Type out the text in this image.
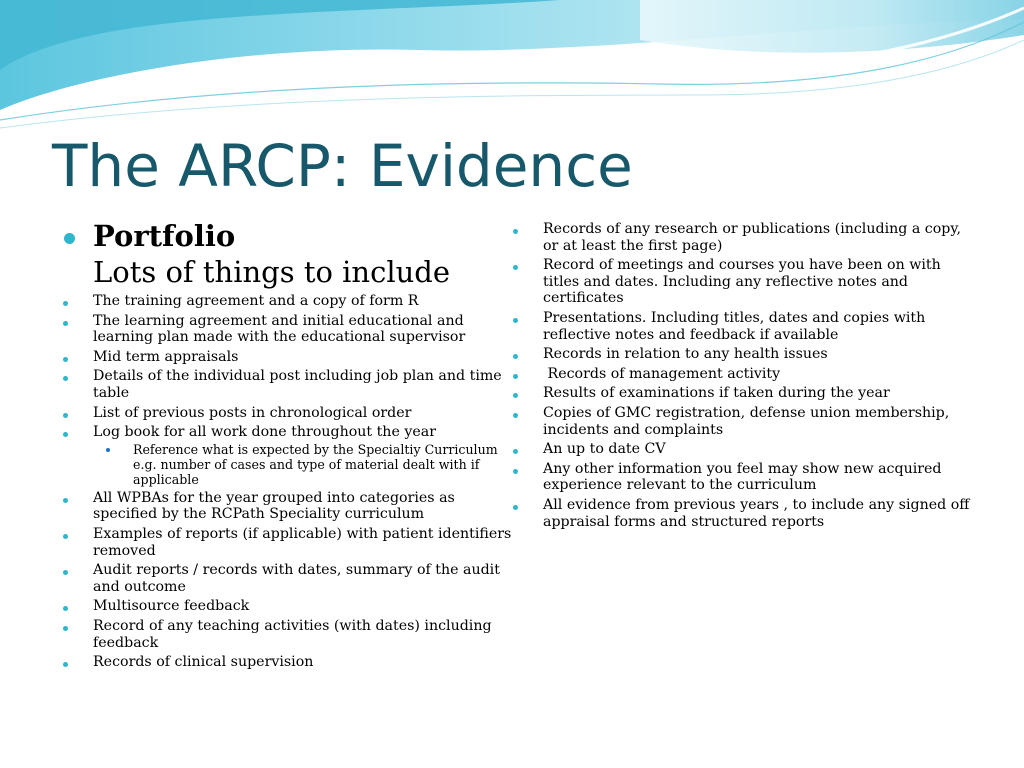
The ARCP: Evidence

Portfolio

Lots of things to include

The training agreement and a copy of form R
The learning agreement and initial educational and learning plan made with the educational supervisor
Mid term appraisals
Details of the individual post including job plan and time table
List of previous posts in chronological order
Log book for all work done throughout the year
Reference what is expected by the Specialtiy Curriculum e.g. number of cases and type of material dealt with if applicable
All WPBAs for the year grouped into categories as specified by the RCPath Speciality curriculum
Examples of reports (if applicable) with patient identifiers removed
Audit reports / records with dates, summary of the audit and outcome
Multisource feedback
Record of any teaching activities (with dates) including feedback
Records of clinical supervision
Records of any research or publications (including a copy, or at least the first page)
Record of meetings and courses you have been on with titles and dates. Including any reflective notes and certificates
Presentations. Including titles, dates and copies with reflective notes and feedback if available
Records in relation to any health issues
Records of management activity
Results of examinations if taken during the year
Copies of GMC registration, defense union membership, incidents and complaints
An up to date CV
Any other information you feel may show new acquired experience relevant to the curriculum
All evidence from previous years , to include any signed off appraisal forms and structured reports
